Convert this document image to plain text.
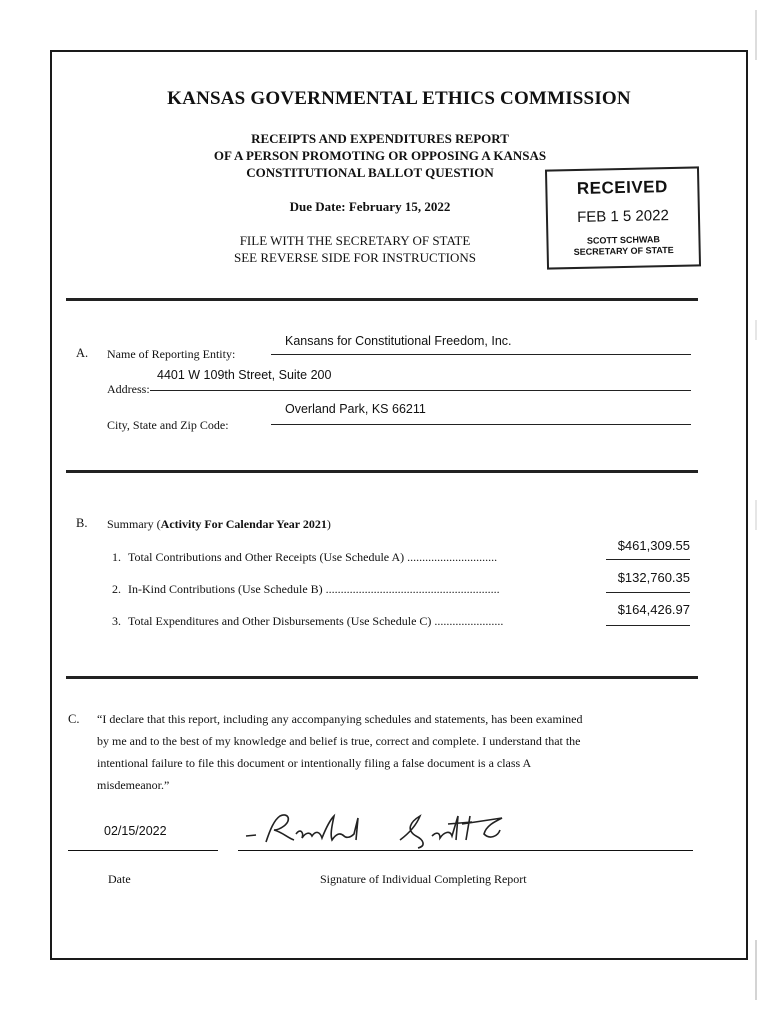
KANSAS GOVERNMENTAL ETHICS COMMISSION
RECEIPTS AND EXPENDITURES REPORT
OF A PERSON PROMOTING OR OPPOSING A KANSAS
CONSTITUTIONAL BALLOT QUESTION
Due Date: February 15, 2022
FILE WITH THE SECRETARY OF STATE
SEE REVERSE SIDE FOR INSTRUCTIONS
RECEIVED
FEB 1 5 2022
SCOTT SCHWAB
SECRETARY OF STATE
A. Name of Reporting Entity:
Kansans for Constitutional Freedom, Inc.
Address:
4401 W 109th Street, Suite 200
City, State and Zip Code:
Overland Park, KS 66211
B. Summary (Activity For Calendar Year 2021)
1. Total Contributions and Other Receipts (Use Schedule A) ..............................
$461,309.55
2. In-Kind Contributions (Use Schedule B) ..........................................................
$132,760.35
3. Total Expenditures and Other Disbursements (Use Schedule C) .......................
$164,426.97
C. “I declare that this report, including any accompanying schedules and statements, has been examined
by me and to the best of my knowledge and belief is true, correct and complete. I understand that the
intentional failure to file this document or intentionally filing a false document is a class A
misdemeanor.”
02/15/2022
Date	Signature of Individual Completing Report
